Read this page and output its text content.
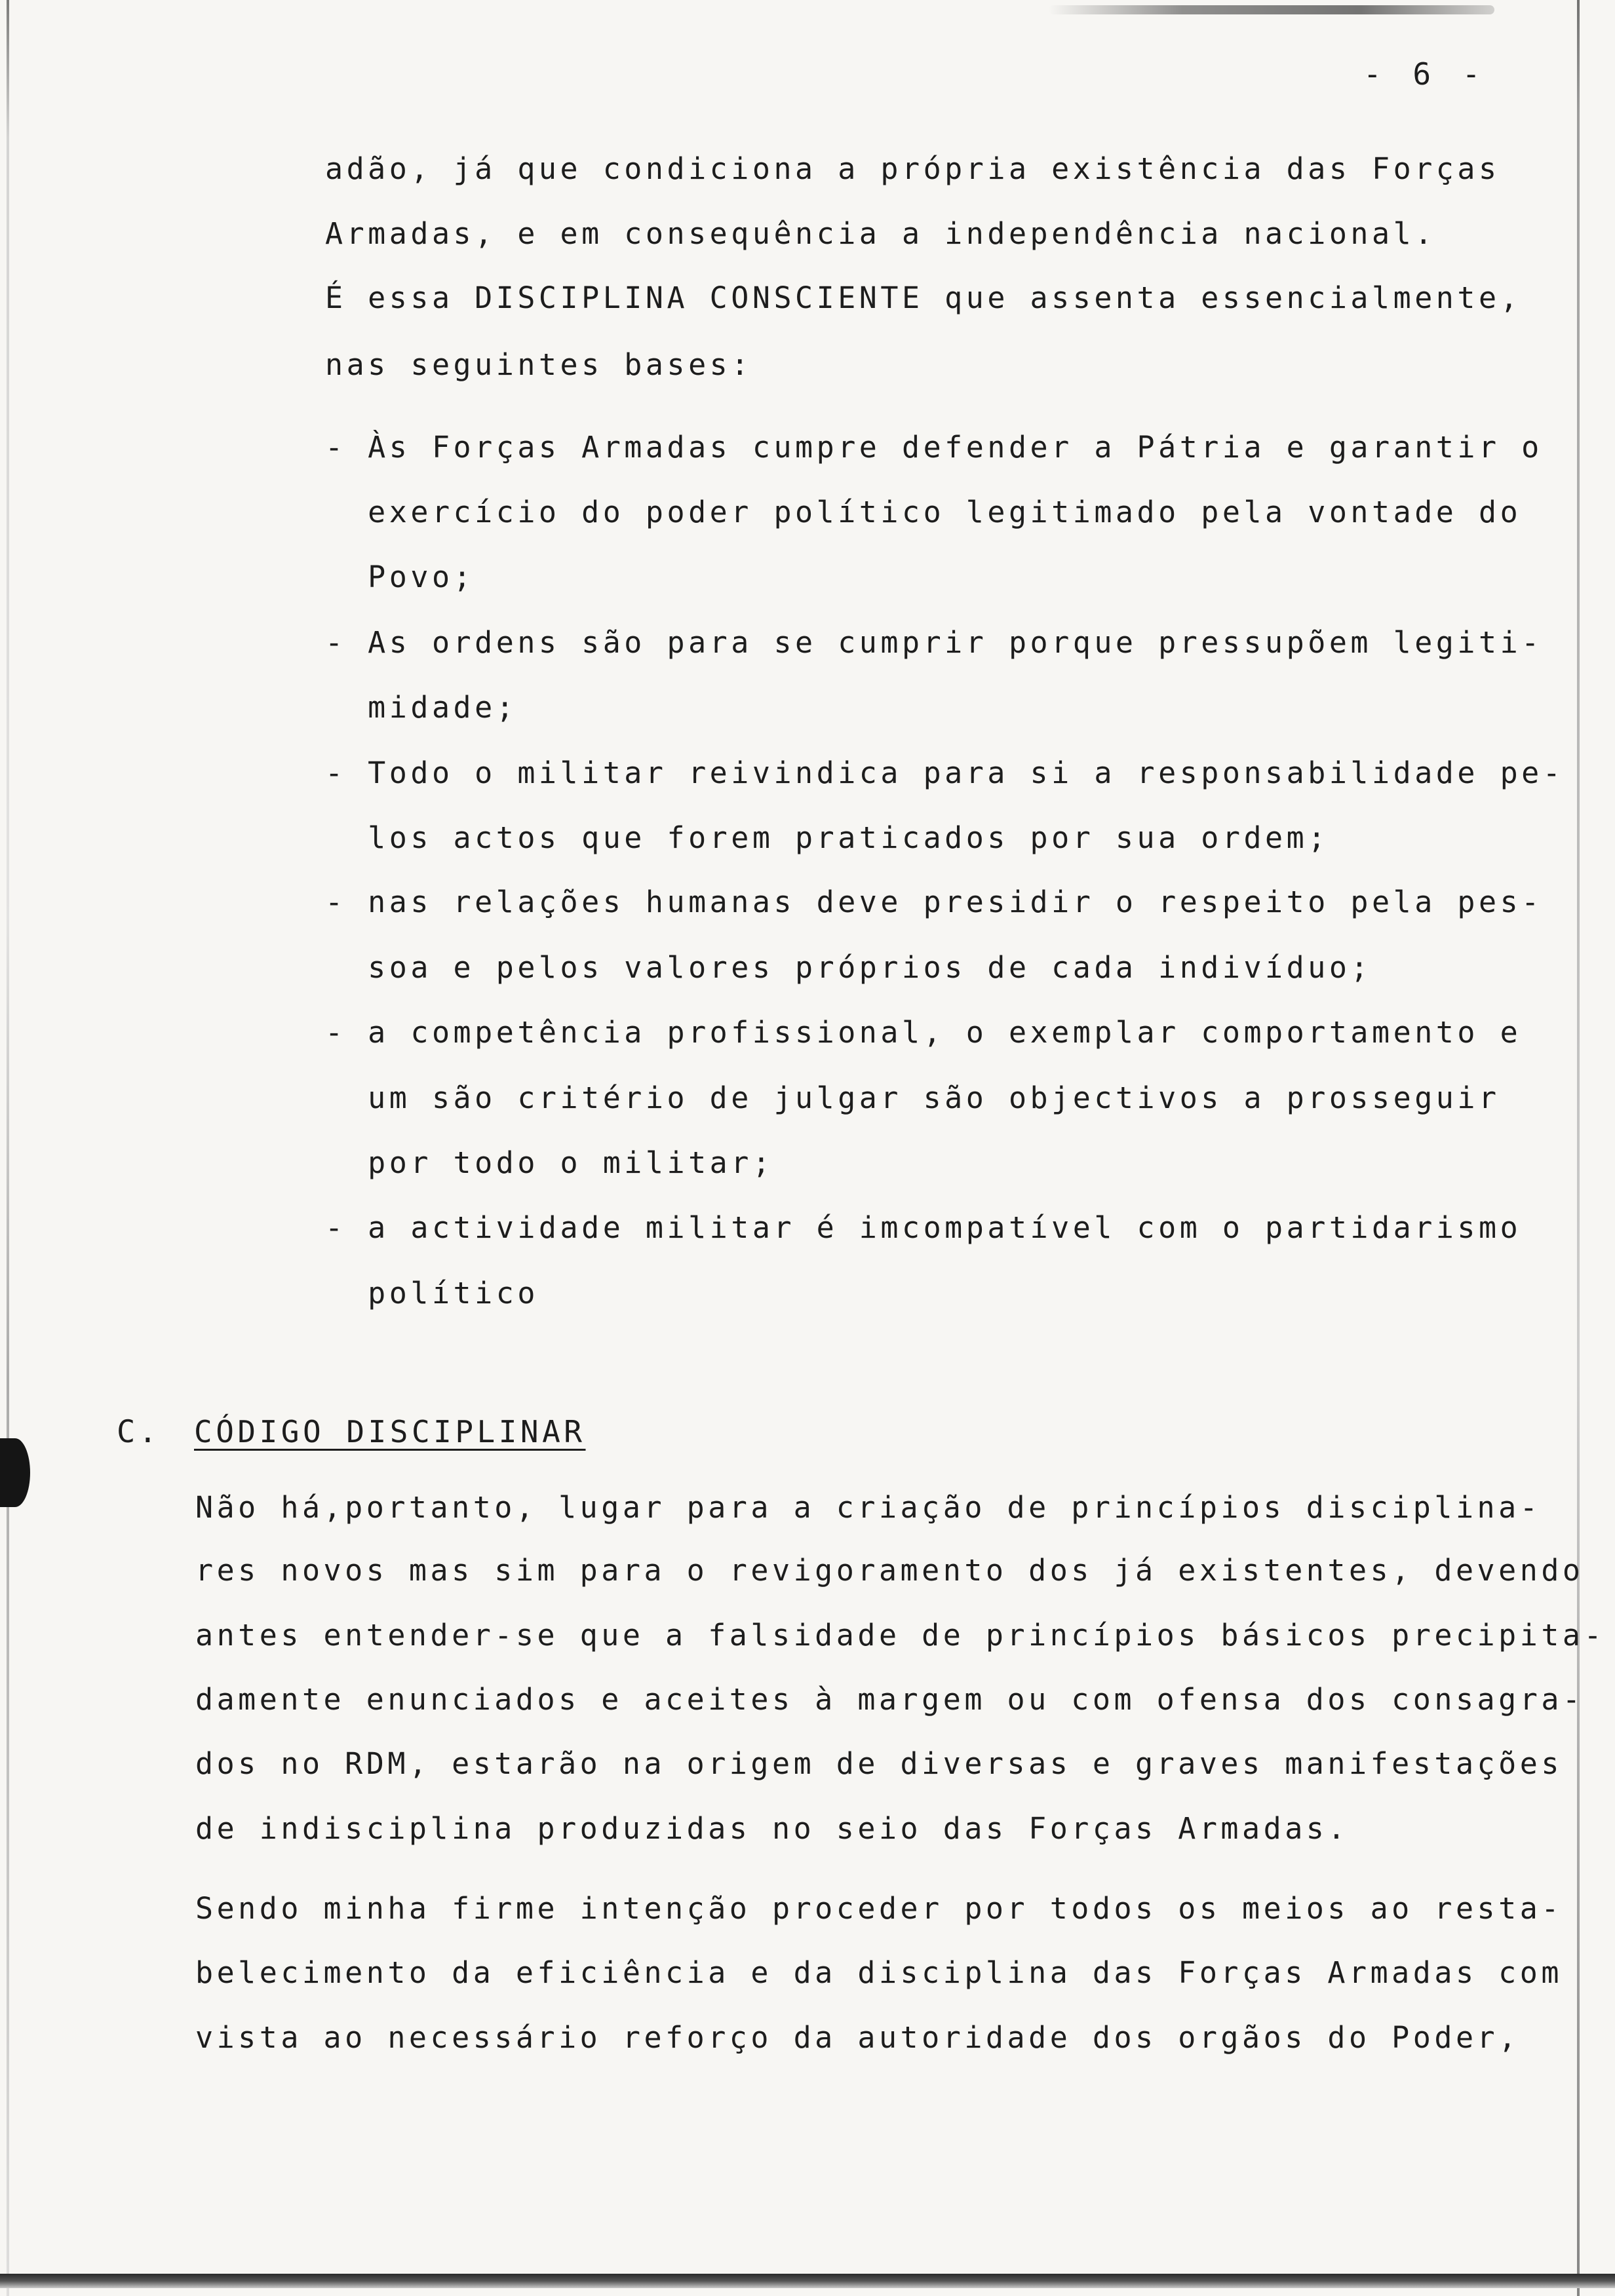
- 6 -
adão, já que condiciona a própria existência das Forças
Armadas, e em consequência a independência nacional.
É essa DISCIPLINA CONSCIENTE que assenta essencialmente,
nas seguintes bases:
- Às Forças Armadas cumpre defender a Pátria e garantir o
exercício do poder político legitimado pela vontade do
Povo;
- As ordens são para se cumprir porque pressupõem legiti-
midade;
- Todo o militar reivindica para si a responsabilidade pe-
los actos que forem praticados por sua ordem;
- nas relações humanas deve presidir o respeito pela pes-
soa e pelos valores próprios de cada indivíduo;
- a competência profissional, o exemplar comportamento e
um são critério de julgar são objectivos a prosseguir
por todo o militar;
- a actividade militar é imcompatível com o partidarismo
político
C. CÓDIGO DISCIPLINAR
Não há,portanto, lugar para a criação de princípios disciplina-
res novos mas sim para o revigoramento dos já existentes, devendo
antes entender-se que a falsidade de princípios básicos precipita-
damente enunciados e aceites à margem ou com ofensa dos consagra-
dos no RDM, estarão na origem de diversas e graves manifestações
de indisciplina produzidas no seio das Forças Armadas.
Sendo minha firme intenção proceder por todos os meios ao resta-
belecimento da eficiência e da disciplina das Forças Armadas com
vista ao necessário reforço da autoridade dos orgãos do Poder,
